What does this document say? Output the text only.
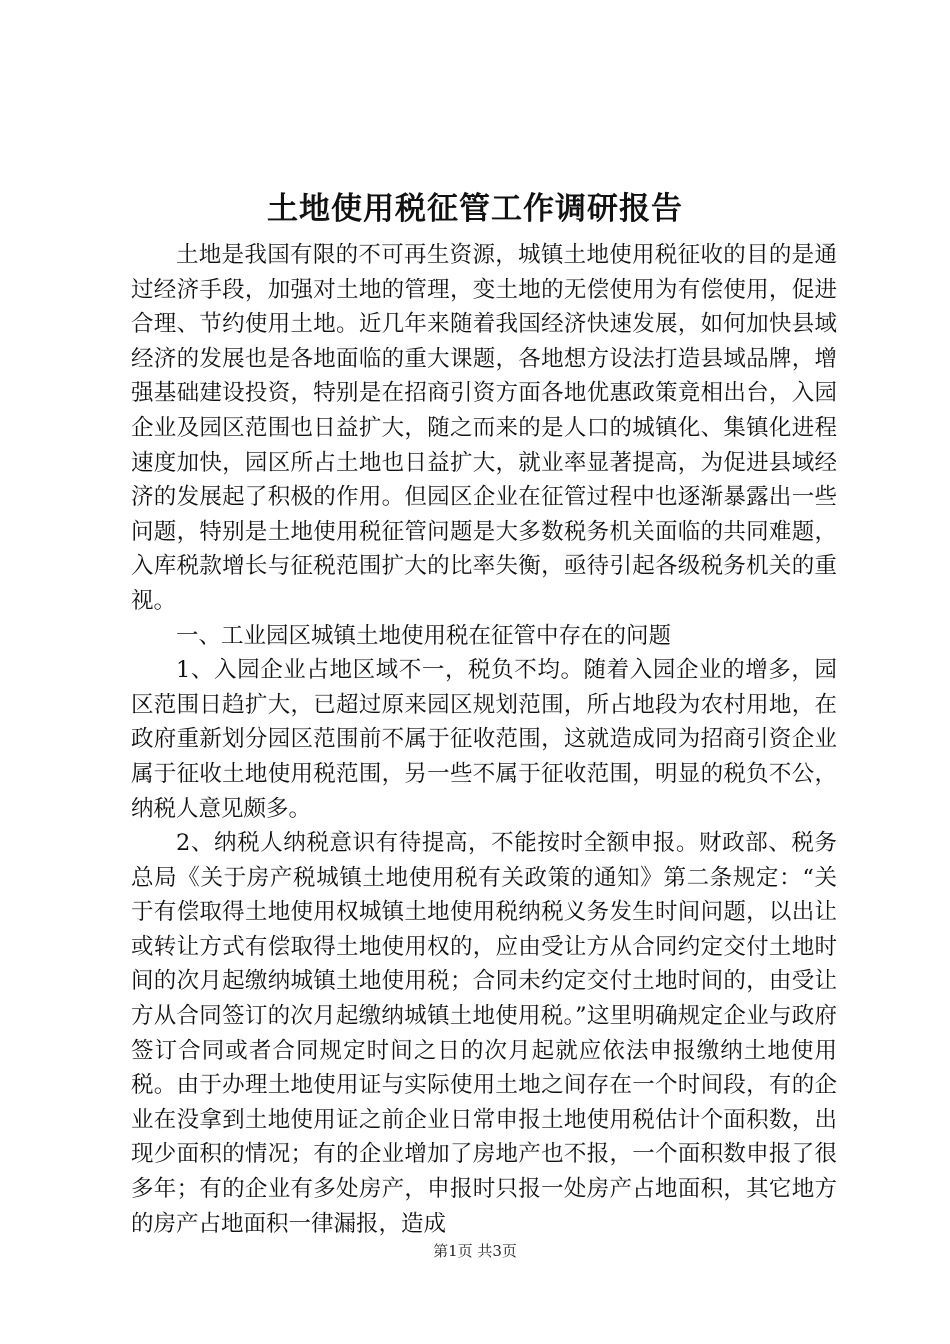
土地使用税征管工作调研报告

土地是我国有限的不可再生资源，城镇土地使用税征收的目的是通过经济手段，加强对土地的管理，变土地的无偿使用为有偿使用，促进合理、节约使用土地。近几年来随着我国经济快速发展，如何加快县域经济的发展也是各地面临的重大课题，各地想方设法打造县域品牌，增强基础建设投资，特别是在招商引资方面各地优惠政策竟相出台，入园企业及园区范围也日益扩大，随之而来的是人口的城镇化、集镇化进程速度加快，园区所占土地也日益扩大，就业率显著提高，为促进县域经济的发展起了积极的作用。但园区企业在征管过程中也逐渐暴露出一些问题，特别是土地使用税征管问题是大多数税务机关面临的共同难题，入库税款增长与征税范围扩大的比率失衡，亟待引起各级税务机关的重视。

一、工业园区城镇土地使用税在征管中存在的问题

1、入园企业占地区域不一，税负不均。随着入园企业的增多，园区范围日趋扩大，已超过原来园区规划范围，所占地段为农村用地，在政府重新划分园区范围前不属于征收范围，这就造成同为招商引资企业属于征收土地使用税范围，另一些不属于征收范围，明显的税负不公，纳税人意见颇多。

2、纳税人纳税意识有待提高，不能按时全额申报。财政部、税务总局《关于房产税城镇土地使用税有关政策的通知》第二条规定：“关于有偿取得土地使用权城镇土地使用税纳税义务发生时间问题，以出让或转让方式有偿取得土地使用权的，应由受让方从合同约定交付土地时间的次月起缴纳城镇土地使用税；合同未约定交付土地时间的，由受让方从合同签订的次月起缴纳城镇土地使用税。”这里明确规定企业与政府签订合同或者合同规定时间之日的次月起就应依法申报缴纳土地使用税。由于办理土地使用证与实际使用土地之间存在一个时间段，有的企业在没拿到土地使用证之前企业日常申报土地使用税估计个面积数，出现少面积的情况；有的企业增加了房地产也不报，一个面积数申报了很多年；有的企业有多处房产，申报时只报一处房产占地面积，其它地方的房产占地面积一律漏报，造成

第1页 共3页
